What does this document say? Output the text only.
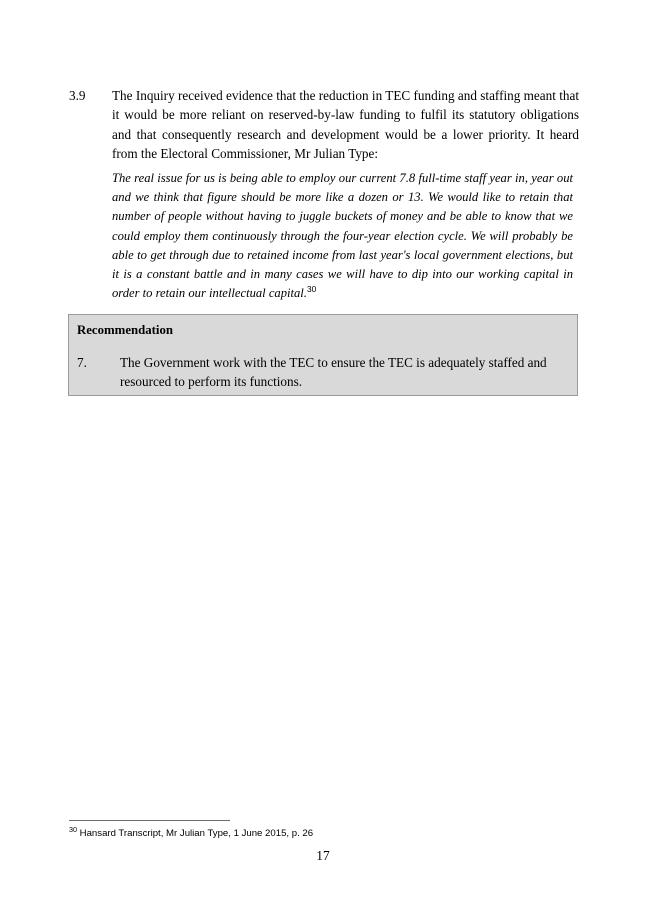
3.9	The Inquiry received evidence that the reduction in TEC funding and staffing meant that it would be more reliant on reserved-by-law funding to fulfil its statutory obligations and that consequently research and development would be a lower priority. It heard from the Electoral Commissioner, Mr Julian Type:
The real issue for us is being able to employ our current 7.8 full-time staff year in, year out and we think that figure should be more like a dozen or 13. We would like to retain that number of people without having to juggle buckets of money and be able to know that we could employ them continuously through the four-year election cycle. We will probably be able to get through due to retained income from last year's local government elections, but it is a constant battle and in many cases we will have to dip into our working capital in order to retain our intellectual capital.$^{30}$
Recommendation
7.	The Government work with the TEC to ensure the TEC is adequately staffed and resourced to perform its functions.
$^{30}$ Hansard Transcript, Mr Julian Type, 1 June 2015, p. 26
17
